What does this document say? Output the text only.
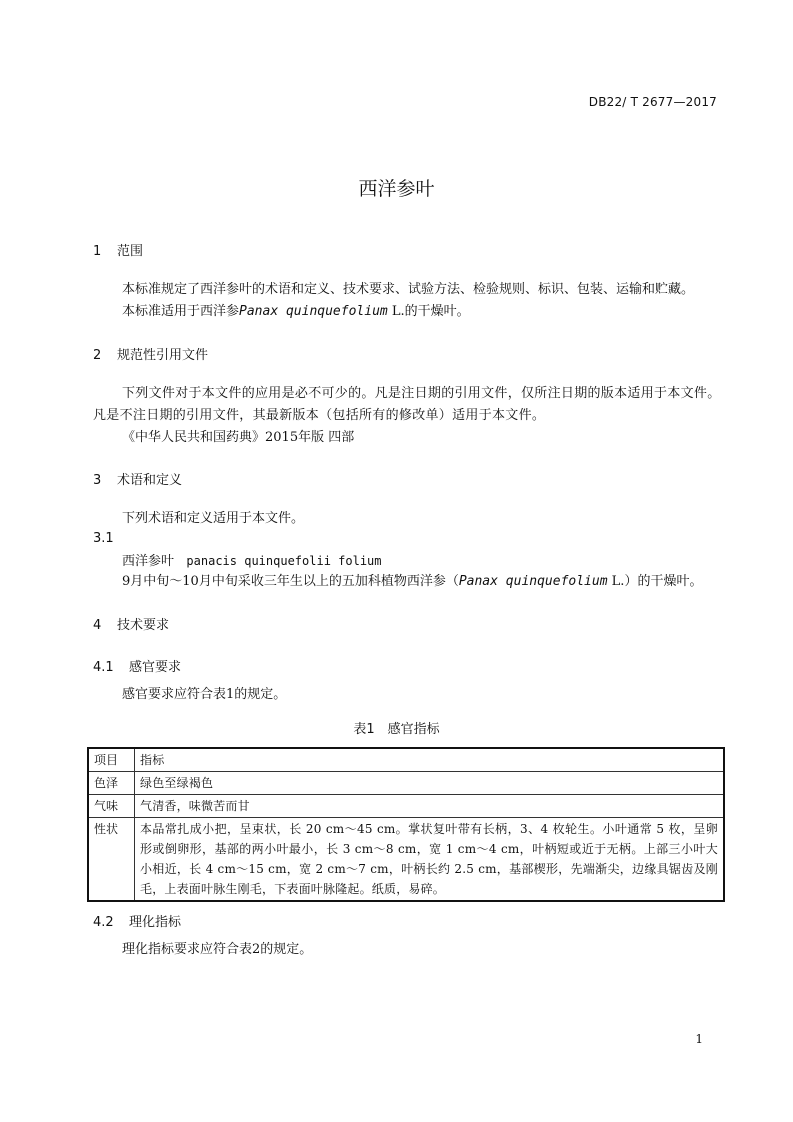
DB22/ T 2677—2017
西洋参叶
1 范围
本标准规定了西洋参叶的术语和定义、技术要求、试验方法、检验规则、标识、包装、运输和贮藏。
本标准适用于西洋参Panax quinquefolium L.的干燥叶。
2 规范性引用文件
下列文件对于本文件的应用是必不可少的。凡是注日期的引用文件，仅所注日期的版本适用于本文件。凡是不注日期的引用文件，其最新版本（包括所有的修改单）适用于本文件。
《中华人民共和国药典》2015年版 四部
3 术语和定义
下列术语和定义适用于本文件。
3.1
西洋参叶 panacis quinquefolii folium
9月中旬～10月中旬采收三年生以上的五加科植物西洋参（Panax quinquefolium L.）的干燥叶。
4 技术要求
4.1 感官要求
感官要求应符合表1的规定。
表1　感官指标
项目	指标
色泽	绿色至绿褐色
气味	气清香，味微苦而甘
性状	本品常扎成小把，呈束状，长 20 cm～45 cm。掌状复叶带有长柄，3、4 枚轮生。小叶通常 5 枚，呈卵形或倒卵形，基部的两小叶最小，长 3 cm～8 cm，宽 1 cm～4 cm，叶柄短或近于无柄。上部三小叶大小相近，长 4 cm～15 cm，宽 2 cm～7 cm，叶柄长约 2.5 cm，基部楔形，先端渐尖，边缘具锯齿及刚毛，上表面叶脉生刚毛，下表面叶脉隆起。纸质，易碎。
4.2 理化指标
理化指标要求应符合表2的规定。
1
